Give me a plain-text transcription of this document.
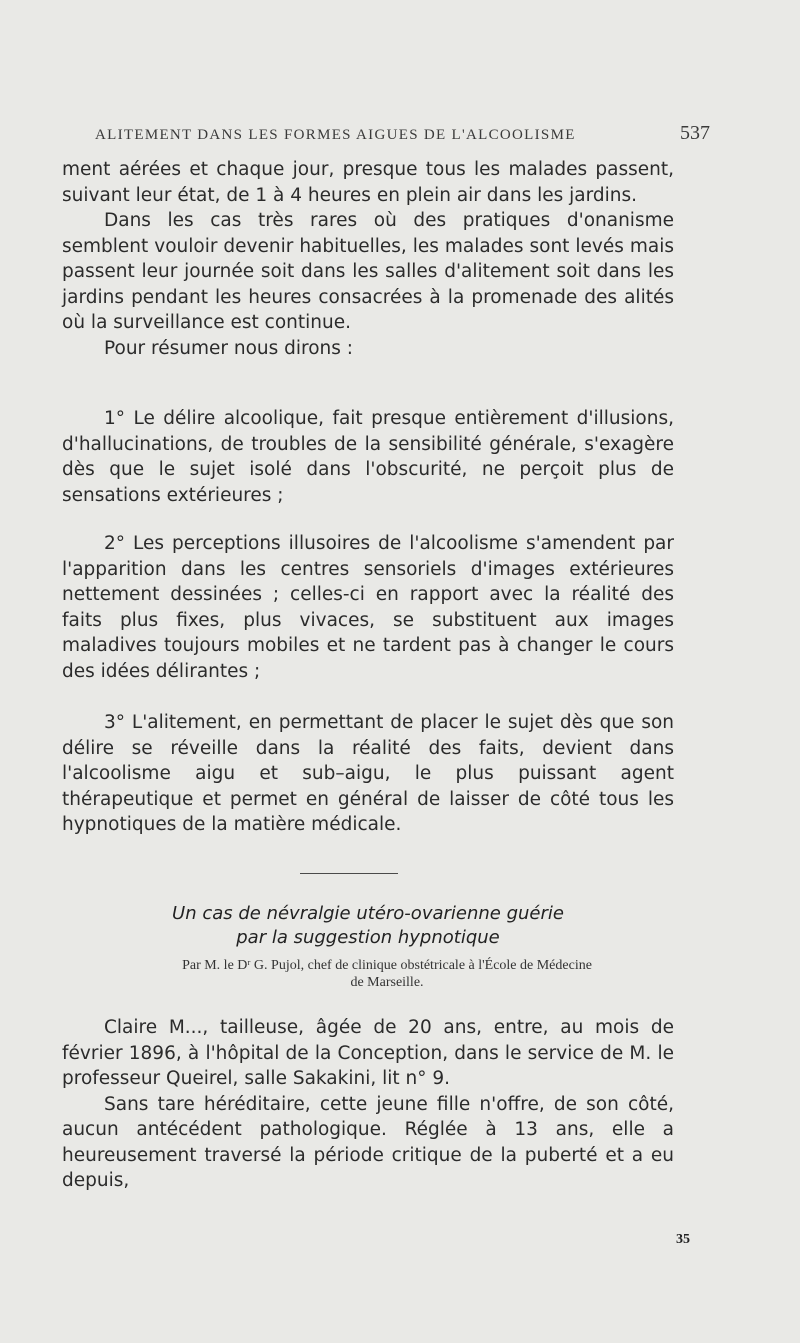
ALITEMENT DANS LES FORMES AIGUES DE L'ALCOOLISME	537

ment aérées et chaque jour, presque tous les malades passent, suivant leur état, de 1 à 4 heures en plein air dans les jardins.

Dans les cas très rares où des pratiques d'onanisme semblent vouloir devenir habituelles, les malades sont levés mais passent leur journée soit dans les salles d'alitement soit dans les jardins pendant les heures consacrées à la promenade des alités où la surveillance est continue.

Pour résumer nous dirons :

1° Le délire alcoolique, fait presque entièrement d'illusions, d'hallucinations, de troubles de la sensibilité générale, s'exagère dès que le sujet isolé dans l'obscurité, ne perçoit plus de sensations extérieures ;

2° Les perceptions illusoires de l'alcoolisme s'amendent par l'apparition dans les centres sensoriels d'images extérieures nettement dessinées ; celles-ci en rapport avec la réalité des faits plus fixes, plus vivaces, se substituent aux images maladives toujours mobiles et ne tardent pas à changer le cours des idées délirantes ;

3° L'alitement, en permettant de placer le sujet dès que son délire se réveille dans la réalité des faits, devient dans l'alcoolisme aigu et sub–aigu, le plus puissant agent thérapeutique et permet en général de laisser de côté tous les hypnotiques de la matière médicale.

Un cas de névralgie utéro-ovarienne guérie
par la suggestion hypnotique
Par M. le Dʳ G. Pujol, chef de clinique obstétricale à l'École de Médecine
de Marseille.

Claire M..., tailleuse, âgée de 20 ans, entre, au mois de février 1896, à l'hôpital de la Conception, dans le service de M. le professeur Queirel, salle Sakakini, lit n° 9.

Sans tare héréditaire, cette jeune fille n'offre, de son côté, aucun antécédent pathologique. Réglée à 13 ans, elle a heureusement traversé la période critique de la puberté et a eu depuis,

35
